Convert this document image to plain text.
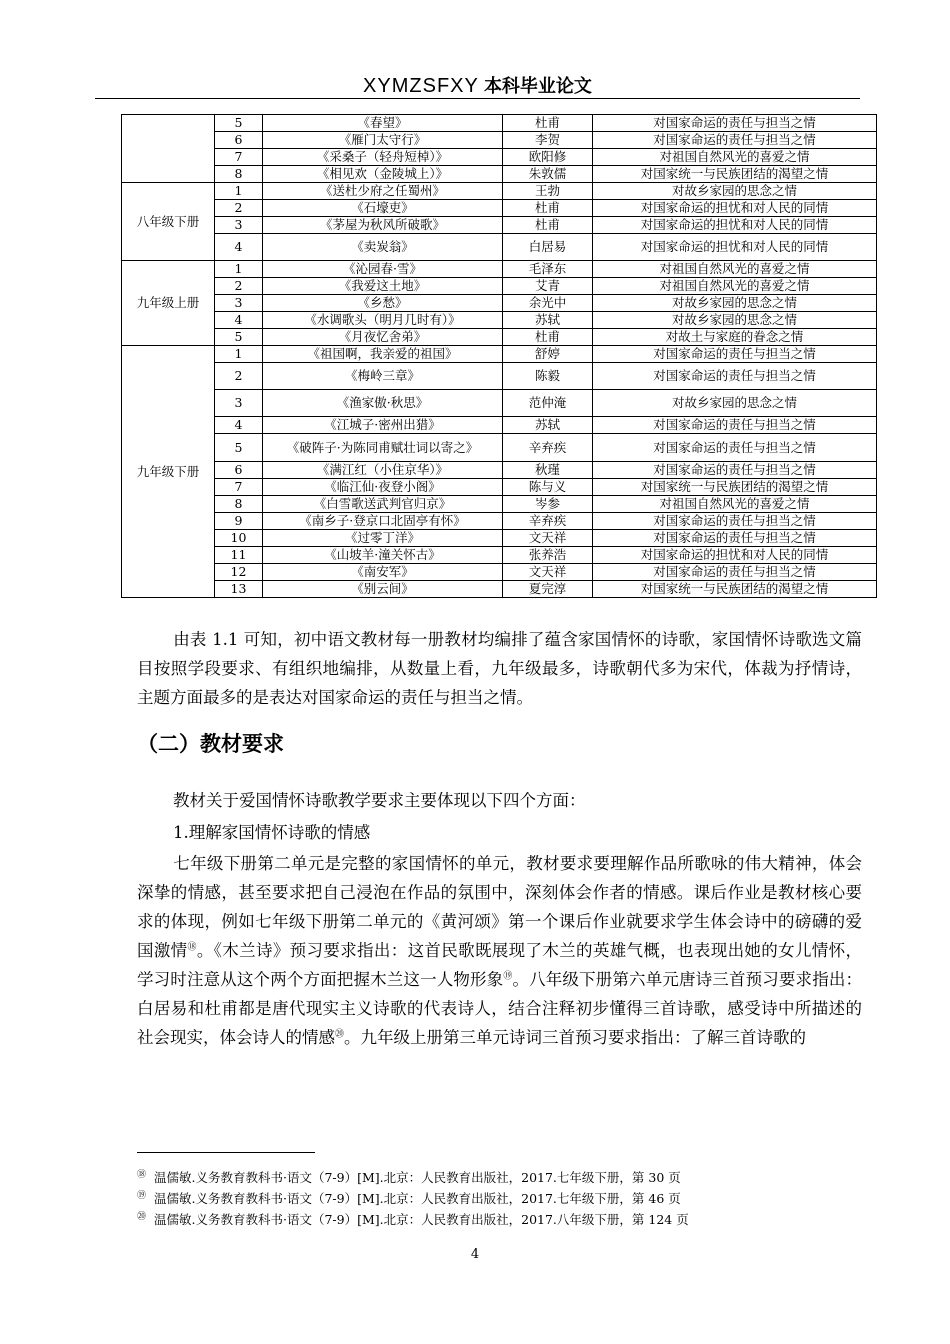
XYMZSFXY 本科毕业论文
	5	《春望》	杜甫	对国家命运的责任与担当之情
	6	《雁门太守行》	李贺	对国家命运的责任与担当之情
	7	《采桑子（轻舟短棹）》	欧阳修	对祖国自然风光的喜爱之情
	8	《相见欢（金陵城上）》	朱敦儒	对国家统一与民族团结的渴望之情
八年级下册	1	《送杜少府之任蜀州》	王勃	对故乡家园的思念之情
	2	《石壕吏》	杜甫	对国家命运的担忧和对人民的同情
	3	《茅屋为秋风所破歌》	杜甫	对国家命运的担忧和对人民的同情
	4	《卖炭翁》	白居易	对国家命运的担忧和对人民的同情
九年级上册	1	《沁园春·雪》	毛泽东	对祖国自然风光的喜爱之情
	2	《我爱这土地》	艾青	对祖国自然风光的喜爱之情
	3	《乡愁》	余光中	对故乡家园的思念之情
	4	《水调歌头（明月几时有）》	苏轼	对故乡家园的思念之情
	5	《月夜忆舍弟》	杜甫	对故土与家庭的眷念之情
九年级下册	1	《祖国啊，我亲爱的祖国》	舒婷	对国家命运的责任与担当之情
	2	《梅岭三章》	陈毅	对国家命运的责任与担当之情
	3	《渔家傲·秋思》	范仲淹	对故乡家园的思念之情
	4	《江城子·密州出猎》	苏轼	对国家命运的责任与担当之情
	5	《破阵子·为陈同甫赋壮词以寄之》	辛弃疾	对国家命运的责任与担当之情
	6	《满江红（小住京华）》	秋瑾	对国家命运的责任与担当之情
	7	《临江仙·夜登小阁》	陈与义	对国家统一与民族团结的渴望之情
	8	《白雪歌送武判官归京》	岑参	对祖国自然风光的喜爱之情
	9	《南乡子·登京口北固亭有怀》	辛弃疾	对国家命运的责任与担当之情
	10	《过零丁洋》	文天祥	对国家命运的责任与担当之情
	11	《山坡羊·潼关怀古》	张养浩	对国家命运的担忧和对人民的同情
	12	《南安军》	文天祥	对国家命运的责任与担当之情
	13	《别云间》	夏完淳	对国家统一与民族团结的渴望之情
由表 1.1 可知，初中语文教材每一册教材均编排了蕴含家国情怀的诗歌，家国情怀诗歌选文篇目按照学段要求、有组织地编排，从数量上看，九年级最多，诗歌朝代多为宋代，体裁为抒情诗，主题方面最多的是表达对国家命运的责任与担当之情。
（二）教材要求
教材关于爱国情怀诗歌教学要求主要体现以下四个方面：
1.理解家国情怀诗歌的情感
七年级下册第二单元是完整的家国情怀的单元，教材要求要理解作品所歌咏的伟大精神，体会深挚的情感，甚至要求把自己浸泡在作品的氛围中，深刻体会作者的情感。课后作业是教材核心要求的体现，例如七年级下册第二单元的《黄河颂》第一个课后作业就要求学生体会诗中的磅礴的爱国激情⑱。《木兰诗》预习要求指出：这首民歌既展现了木兰的英雄气概，也表现出她的女儿情怀，学习时注意从这个两个方面把握木兰这一人物形象⑲。八年级下册第六单元唐诗三首预习要求指出：白居易和杜甫都是唐代现实主义诗歌的代表诗人，结合注释初步懂得三首诗歌，感受诗中所描述的社会现实，体会诗人的情感⑳。九年级上册第三单元诗词三首预习要求指出：了解三首诗歌的
⑱ 温儒敏.义务教育教科书·语文（7-9）[M].北京：人民教育出版社，2017.七年级下册，第 30 页
⑲ 温儒敏.义务教育教科书·语文（7-9）[M].北京：人民教育出版社，2017.七年级下册，第 46 页
⑳ 温儒敏.义务教育教科书·语文（7-9）[M].北京：人民教育出版社，2017.八年级下册，第 124 页
4
